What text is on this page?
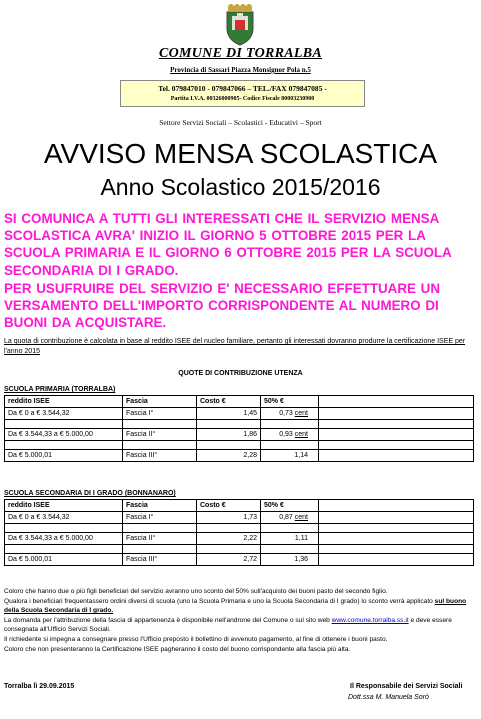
COMUNE DI TORRALBA
Provincia di Sassari Piazza Monsignor Pola n.5
Tel. 079847010 - 079847066 – TEL./FAX 079847085 -
Partita I.V.A. 00326000905- Codice Fiscale 80003230900
Settore Servizi Sociali – Scolastici - Educativi – Sport
AVVISO MENSA SCOLASTICA
Anno Scolastico 2015/2016
SI COMUNICA A TUTTI GLI INTERESSATI CHE IL SERVIZIO MENSA SCOLASTICA AVRA' INIZIO IL GIORNO 5 OTTOBRE 2015 PER LA SCUOLA PRIMARIA E IL GIORNO 6 OTTOBRE 2015 PER LA SCUOLA SECONDARIA DI I GRADO.
PER USUFRUIRE DEL SERVIZIO E' NECESSARIO EFFETTUARE UN VERSAMENTO DELL'IMPORTO CORRISPONDENTE AL NUMERO DI BUONI DA ACQUISTARE.
La quota di contribuzione è calcolata in base al reddito ISEE del nucleo familiare, pertanto gli interessati dovranno produrre la certificazione ISEE per l'anno 2015
QUOTE DI CONTRIBUZIONE UTENZA
SCUOLA PRIMARIA (TORRALBA)
reddito ISEE	Fascia	Costo €	50% €	
Da € 0 a € 3.544,32	Fascia I°	1,45	0,73 cent	

Da € 3.544,33 a € 5.000,00	Fascia II°	1,86	0,93 cent	

Da € 5.000,01	Fascia III°	2,28	1,14	
SCUOLA SECONDARIA DI I GRADO (BONNANARO)
reddito ISEE	Fascia	Costo €	50% €	
Da € 0 a € 3.544,32	Fascia I°	1,73	0,87 cent	

Da € 3.544,33 a € 5.000,00	Fascia II°	2,22	1,11	

Da € 5.000,01	Fascia III°	2,72	1,36	
Coloro che hanno due o più figli beneficiari del servizio avranno uno sconto del 50% sull'acquisto dei buoni pasto del secondo figlio.
Qualora i beneficiari frequentassero ordini diversi di scuola (uno la Scuola Primaria e uno la Scuola Secondaria di I grado) lo sconto verrà applicato sul buono della Scuola Secondaria di I grado.
La domanda per l'attribuzione della fascia di appartenenza è disponibile nell'androne del Comune o sul sito web www.comune.torralba.ss.it e deve essere consegnata all'Ufficio Servizi Sociali.
Il richiedente si impegna a consegnare presso l'Ufficio preposto il bollettino di avvenuto pagamento, al fine di ottenere i buoni pasto.
Coloro che non presenteranno la Certificazione ISEE pagheranno il costo del buono corrispondente alla fascia più alta.
Torralba lì 29.09.2015	Il Responsabile dei Servizi Sociali
Dott.ssa M. Manuela Sorò
